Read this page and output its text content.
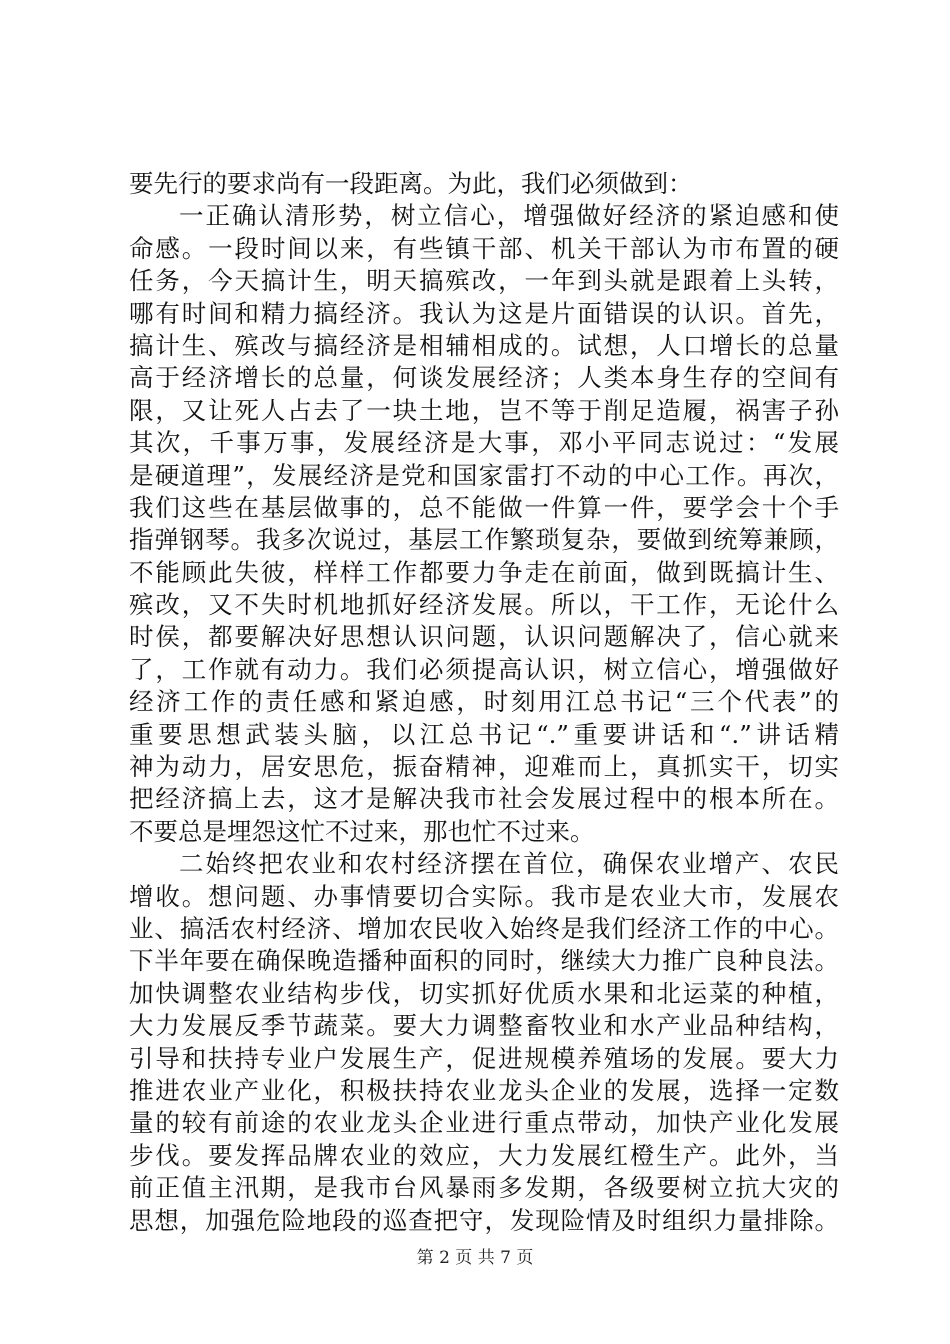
要先行的要求尚有一段距离。为此，我们必须做到：
一正确认清形势，树立信心，增强做好经济的紧迫感和使
命感。一段时间以来，有些镇干部、机关干部认为市布置的硬
任务，今天搞计生，明天搞殡改，一年到头就是跟着上头转，
哪有时间和精力搞经济。我认为这是片面错误的认识。首先，
搞计生、殡改与搞经济是相辅相成的。试想，人口增长的总量
高于经济增长的总量，何谈发展经济；人类本身生存的空间有
限，又让死人占去了一块土地，岂不等于削足造履，祸害子孙
其次，千事万事，发展经济是大事，邓小平同志说过：“发展
是硬道理”，发展经济是党和国家雷打不动的中心工作。再次，
我们这些在基层做事的，总不能做一件算一件，要学会十个手
指弹钢琴。我多次说过，基层工作繁琐复杂，要做到统筹兼顾，
不能顾此失彼，样样工作都要力争走在前面，做到既搞计生、
殡改，又不失时机地抓好经济发展。所以，干工作，无论什么
时侯，都要解决好思想认识问题，认识问题解决了，信心就来
了，工作就有动力。我们必须提高认识，树立信心，增强做好
经济工作的责任感和紧迫感，时刻用江总书记“三个代表”的
重要思想武装头脑，以江总书记“.”重要讲话和“.”讲话精
神为动力，居安思危，振奋精神，迎难而上，真抓实干，切实
把经济搞上去，这才是解决我市社会发展过程中的根本所在。
不要总是埋怨这忙不过来，那也忙不过来。
二始终把农业和农村经济摆在首位，确保农业增产、农民
增收。想问题、办事情要切合实际。我市是农业大市，发展农
业、搞活农村经济、增加农民收入始终是我们经济工作的中心。
下半年要在确保晚造播种面积的同时，继续大力推广良种良法。
加快调整农业结构步伐，切实抓好优质水果和北运菜的种植，
大力发展反季节蔬菜。要大力调整畜牧业和水产业品种结构，
引导和扶持专业户发展生产，促进规模养殖场的发展。要大力
推进农业产业化，积极扶持农业龙头企业的发展，选择一定数
量的较有前途的农业龙头企业进行重点带动，加快产业化发展
步伐。要发挥品牌农业的效应，大力发展红橙生产。此外，当
前正值主汛期，是我市台风暴雨多发期，各级要树立抗大灾的
思想，加强危险地段的巡查把守，发现险情及时组织力量排除。
第 2 页 共 7 页
